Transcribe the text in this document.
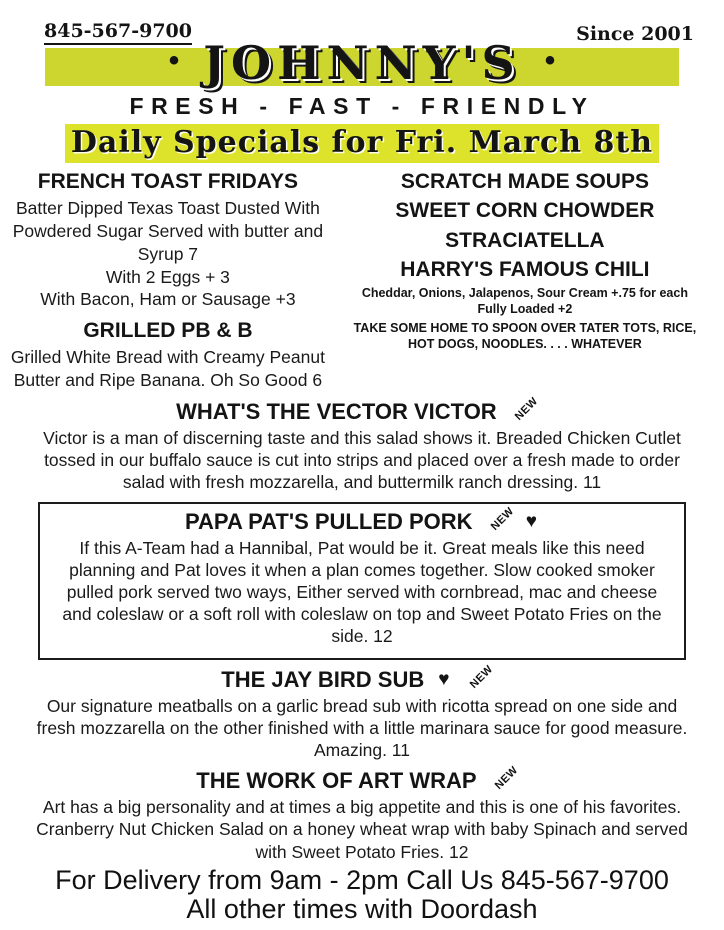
845-567-9700	Since 2001
• JOHNNY'S •
FRESH - FAST - FRIENDLY
Daily Specials for Fri. March 8th
FRENCH TOAST FRIDAYS

Batter Dipped Texas Toast Dusted With Powdered Sugar Served with butter and Syrup 7

With 2 Eggs + 3

With Bacon, Ham or Sausage +3

GRILLED PB & B

Grilled White Bread with Creamy Peanut Butter and Ripe Banana. Oh So Good 6

SCRATCH MADE SOUPS
SWEET CORN CHOWDER
STRACIATELLA
HARRY'S FAMOUS CHILI

Cheddar, Onions, Jalapenos, Sour Cream +.75 for each

Fully Loaded +2

TAKE SOME HOME TO SPOON OVER TATER TOTS, RICE, HOT DOGS, NOODLES. . . . WHATEVER

WHAT'S THE VECTOR VICTOR NEW

Victor is a man of discerning taste and this salad shows it. Breaded Chicken Cutlet tossed in our buffalo sauce is cut into strips and placed over a fresh made to order salad with fresh mozzarella, and buttermilk ranch dressing. 11

PAPA PAT'S PULLED PORK NEW ♥

If this A-Team had a Hannibal, Pat would be it. Great meals like this need planning and Pat loves it when a plan comes together. Slow cooked smoker pulled pork served two ways, Either served with cornbread, mac and cheese and coleslaw or a soft roll with coleslaw on top and Sweet Potato Fries on the side. 12

THE JAY BIRD SUB ♥ NEW

Our signature meatballs on a garlic bread sub with ricotta spread on one side and fresh mozzarella on the other finished with a little marinara sauce for good measure.

Amazing. 11

THE WORK OF ART WRAP NEW

Art has a big personality and at times a big appetite and this is one of his favorites. Cranberry Nut Chicken Salad on a honey wheat wrap with baby Spinach and served with Sweet Potato Fries. 12

For Delivery from 9am - 2pm Call Us 845-567-9700
All other times with Doordash
